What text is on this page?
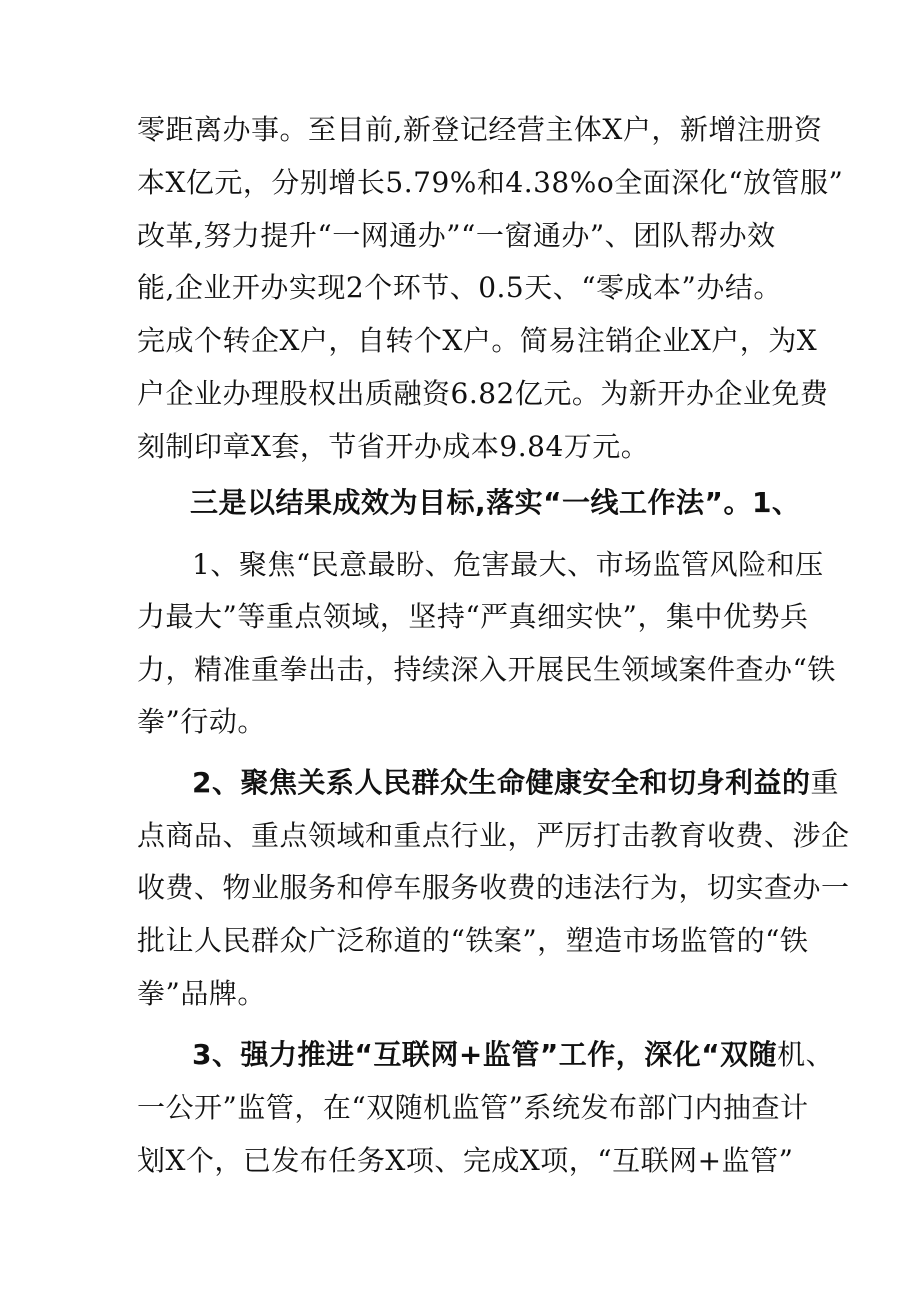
零距离办事。至目前,新登记经营主体X户，新增注册资
本X亿元，分别增长5.79%和4.38%o全面深化“放管服”
改革,努力提升“一网通办”“一窗通办”、团队帮办效
能,企业开办实现2个环节、0.5天、“零成本”办结。
完成个转企X户，自转个X户。简易注销企业X户，为X
户企业办理股权出质融资6.82亿元。为新开办企业免费
刻制印章X套，节省开办成本9.84万元。
三是以结果成效为目标,落实“一线工作法”。1、
1、聚焦“民意最盼、危害最大、市场监管风险和压
力最大”等重点领域，坚持“严真细实快”，集中优势兵
力，精准重拳出击，持续深入开展民生领域案件查办“铁
拳”行动。
2、聚焦关系人民群众生命健康安全和切身利益的重
点商品、重点领域和重点行业，严厉打击教育收费、涉企
收费、物业服务和停车服务收费的违法行为，切实查办一
批让人民群众广泛称道的“铁案”，塑造市场监管的“铁
拳”品牌。
3、强力推进“互联网+监管”工作，深化“双随机、
一公开”监管，在“双随机监管”系统发布部门内抽查计
划X个，已发布任务X项、完成X项，“互联网+监管”
